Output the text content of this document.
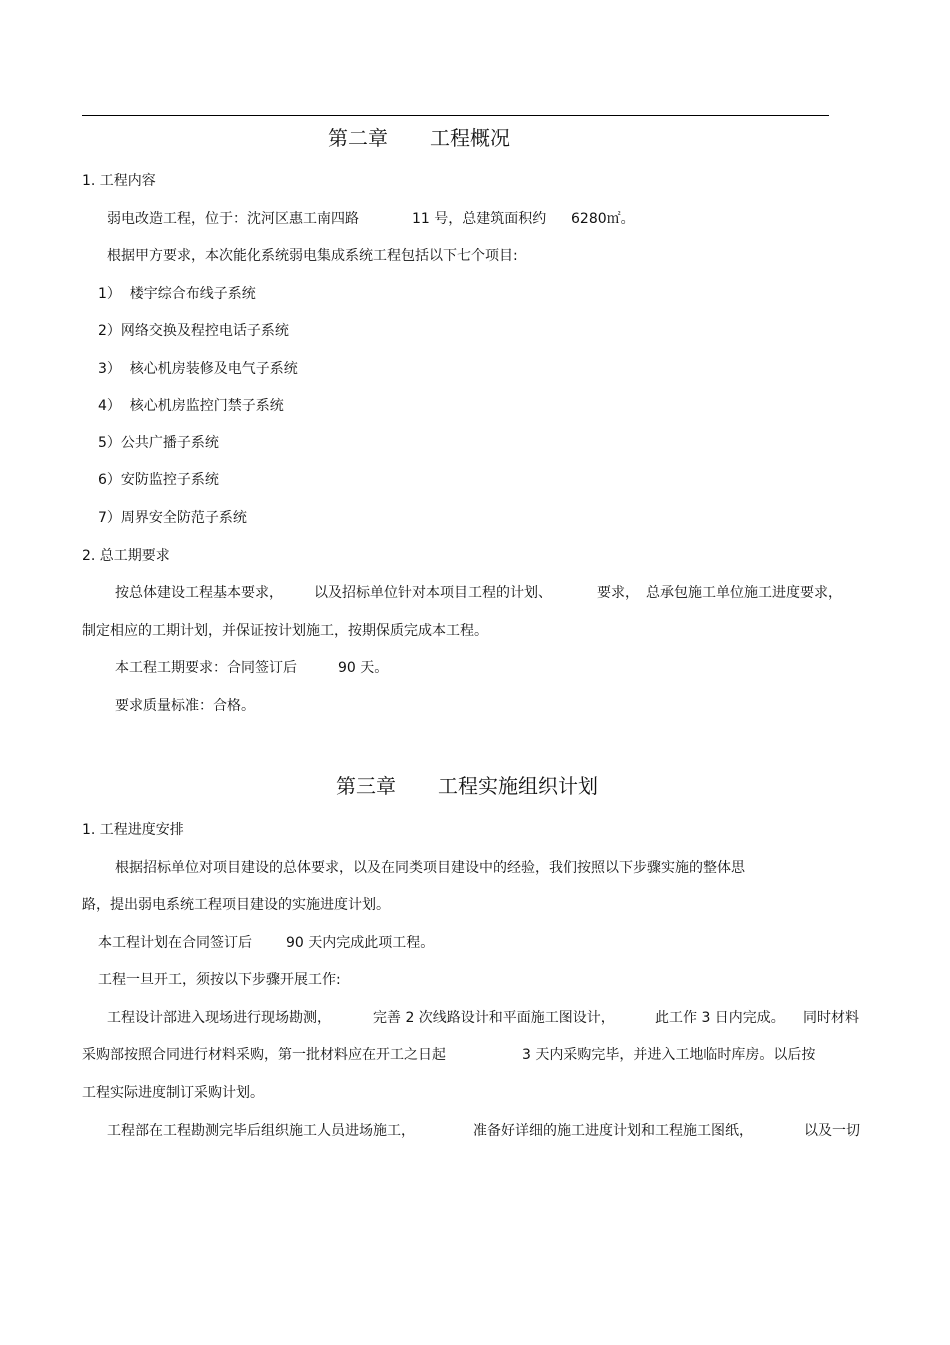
第二章 工程概况
1. 工程内容
弱电改造工程，位于：沈河区惠工南四路	11 号，总建筑面积约 6280㎡。
根据甲方要求，本次能化系统弱电集成系统工程包括以下七个项目:
1）  楼宇综合布线子系统
2）网络交换及程控电话子系统
3）  核心机房装修及电气子系统
4）  核心机房监控门禁子系统
5）公共广播子系统
6）安防监控子系统
7）周界安全防范子系统
2. 总工期要求
按总体建设工程基本要求， 以及招标单位针对本项目工程的计划、	要求， 总承包施工单位施工进度要求，
制定相应的工期计划，并保证按计划施工，按期保质完成本工程。
本工程工期要求：合同签订后	90 天。
要求质量标准：合格。
第三章 工程实施组织计划
1. 工程进度安排
根据招标单位对项目建设的总体要求，以及在同类项目建设中的经验，我们按照以下步骤实施的整体思
路，提出弱电系统工程项目建设的实施进度计划。
本工程计划在合同签订后 90 天内完成此项工程。
工程一旦开工，须按以下步骤开展工作:
工程设计部进入现场进行现场勘测，	完善 2 次线路设计和平面施工图设计，	此工作 3 日内完成。 同时材料
采购部按照合同进行材料采购，第一批材料应在开工之日起	3 天内采购完毕，并进入工地临时库房。以后按
工程实际进度制订采购计划。
工程部在工程勘测完毕后组织施工人员进场施工，	准备好详细的施工进度计划和工程施工图纸，	以及一切
